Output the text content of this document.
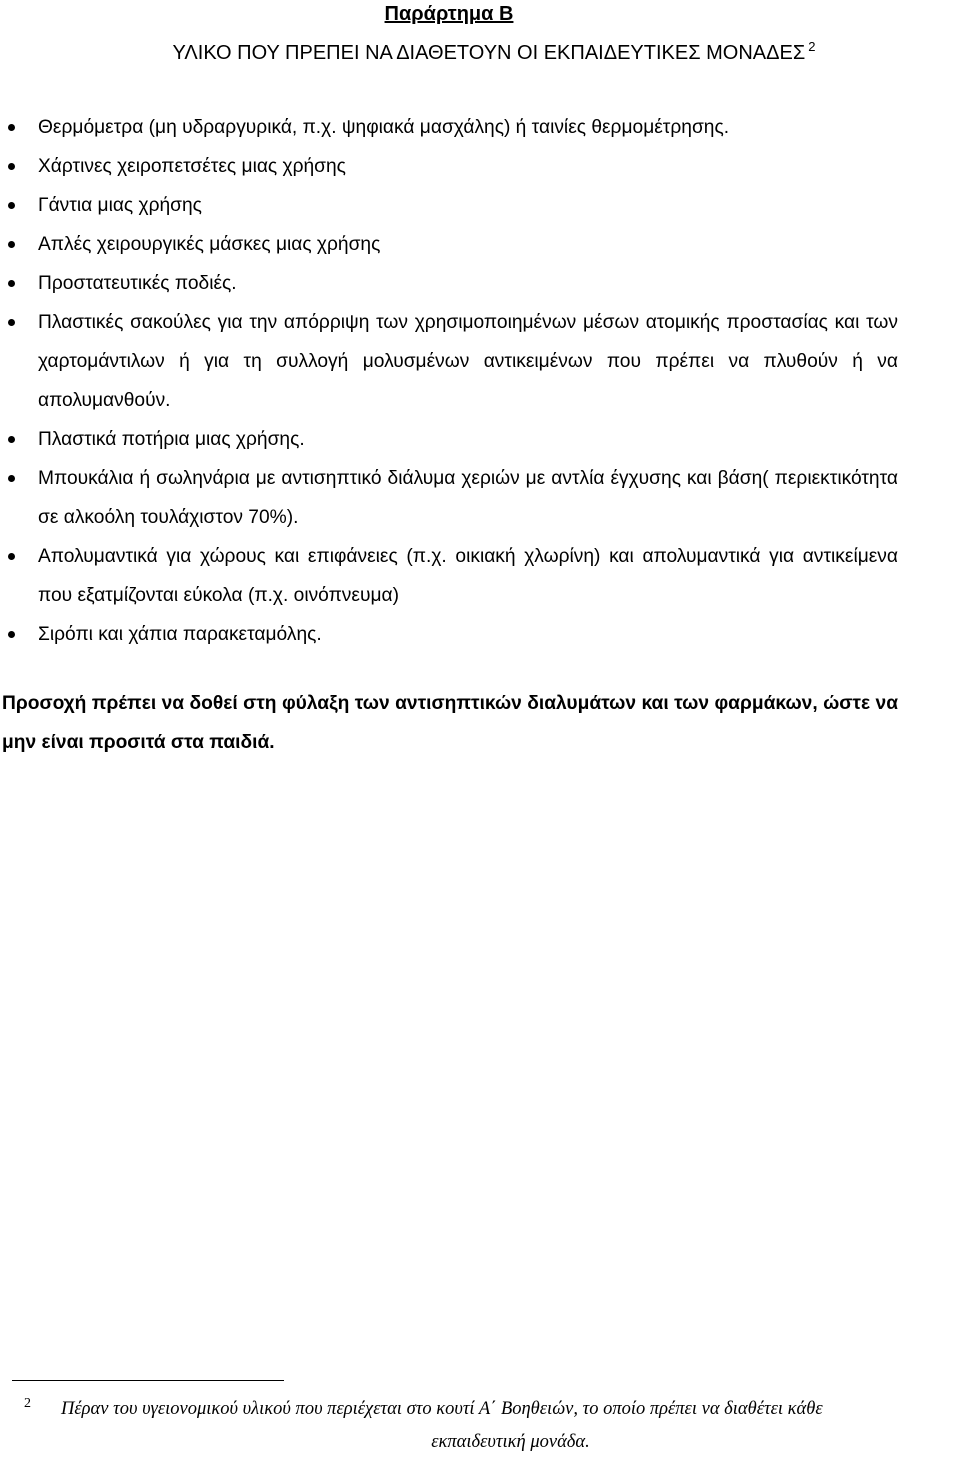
Παράρτημα Β
ΥΛΙΚΟ ΠΟΥ ΠΡΕΠΕΙ ΝΑ ΔΙΑΘΕΤΟΥΝ ΟΙ ΕΚΠΑΙΔΕΥΤΙΚΕΣ ΜΟΝΑΔΕΣ $^2$
Θερμόμετρα (μη υδραργυρικά, π.χ. ψηφιακά μασχάλης) ή ταινίες θερμομέτρησης.
Χάρτινες χειροπετσέτες μιας χρήσης
Γάντια μιας χρήσης
Απλές χειρουργικές μάσκες μιας χρήσης
Προστατευτικές ποδιές.
Πλαστικές σακούλες για την απόρριψη των χρησιμοποιημένων μέσων ατομικής προστασίας και των χαρτομάντιλων ή για τη συλλογή μολυσμένων αντικειμένων που πρέπει να πλυθούν ή να απολυμανθούν.
Πλαστικά ποτήρια μιας χρήσης.
Μπουκάλια ή σωληνάρια με αντισηπτικό διάλυμα χεριών με αντλία έγχυσης και βάση( περιεκτικότητα σε αλκοόλη τουλάχιστον 70%).
Απολυμαντικά για χώρους και επιφάνειες (π.χ. οικιακή χλωρίνη) και απολυμαντικά για αντικείμενα που εξατμίζονται εύκολα (π.χ. οινόπνευμα)
Σιρόπι και χάπια παρακεταμόλης.
Προσοχή πρέπει να δοθεί στη φύλαξη των αντισηπτικών διαλυμάτων και των φαρμάκων, ώστε να μην είναι προσιτά στα παιδιά.
2	Πέραν του υγειονομικού υλικού που περιέχεται στο κουτί Α΄ Βοηθειών, το οποίο πρέπει να διαθέτει κάθε
εκπαιδευτική μονάδα.
